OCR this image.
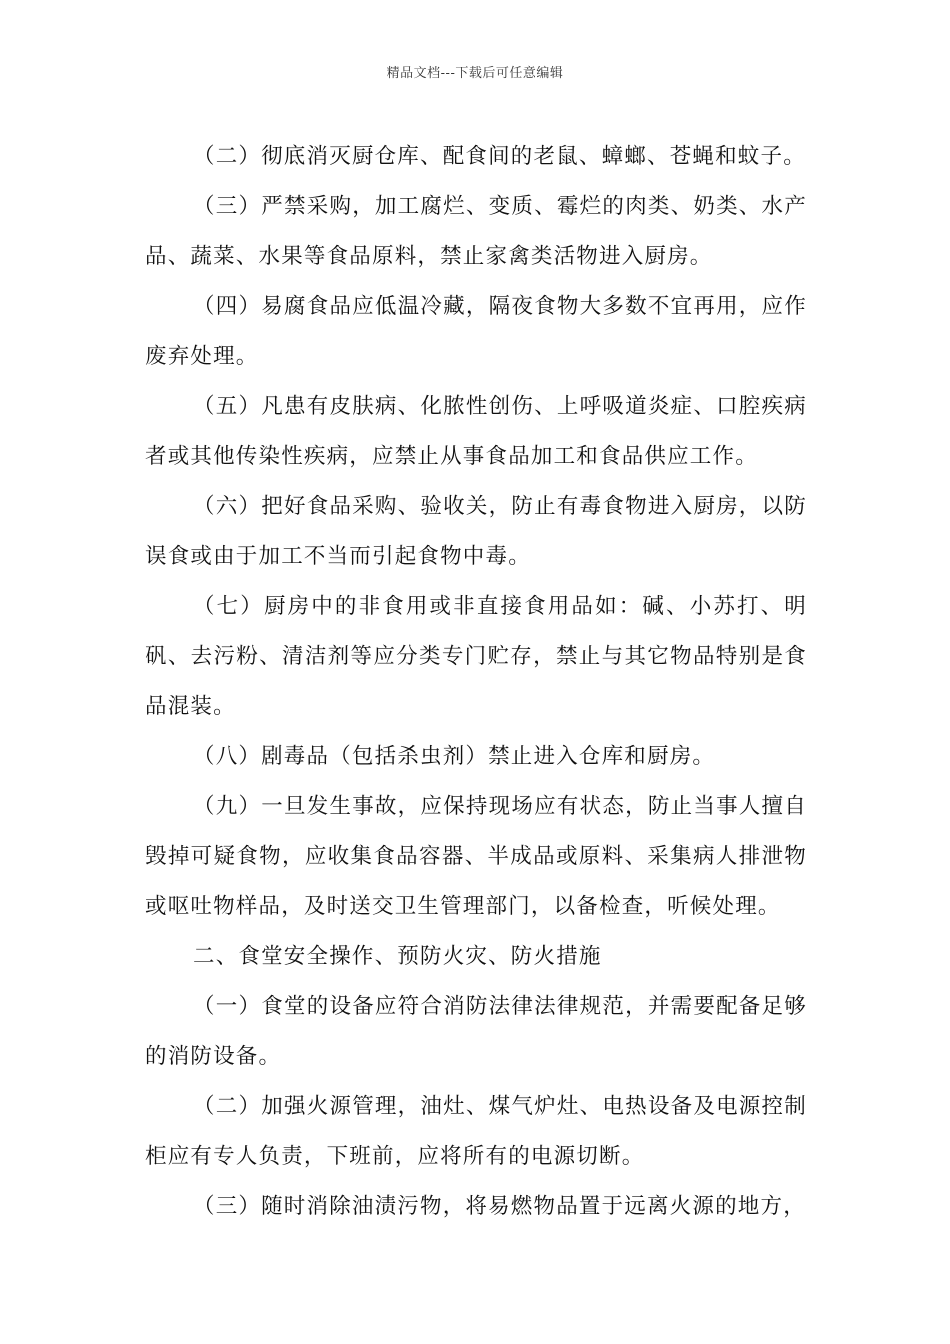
精品文档---下载后可任意编辑

（二）彻底消灭厨仓库、配食间的老鼠、蟑螂、苍蝇和蚊子。

（三）严禁采购，加工腐烂、变质、霉烂的肉类、奶类、水产品、蔬菜、水果等食品原料，禁止家禽类活物进入厨房。

（四）易腐食品应低温冷藏，隔夜食物大多数不宜再用，应作废弃处理。

（五）凡患有皮肤病、化脓性创伤、上呼吸道炎症、口腔疾病者或其他传染性疾病，应禁止从事食品加工和食品供应工作。

（六）把好食品采购、验收关，防止有毒食物进入厨房，以防误食或由于加工不当而引起食物中毒。

（七）厨房中的非食用或非直接食用品如：碱、小苏打、明矾、去污粉、清洁剂等应分类专门贮存，禁止与其它物品特别是食品混装。

（八）剧毒品（包括杀虫剂）禁止进入仓库和厨房。

（九）一旦发生事故，应保持现场应有状态，防止当事人擅自毁掉可疑食物，应收集食品容器、半成品或原料、采集病人排泄物或呕吐物样品，及时送交卫生管理部门，以备检查，听候处理。

二、食堂安全操作、预防火灾、防火措施

（一）食堂的设备应符合消防法律法律规范，并需要配备足够的消防设备。

（二）加强火源管理，油灶、煤气炉灶、电热设备及电源控制柜应有专人负责，下班前，应将所有的电源切断。

（三）随时消除油渍污物，将易燃物品置于远离火源的地方，
